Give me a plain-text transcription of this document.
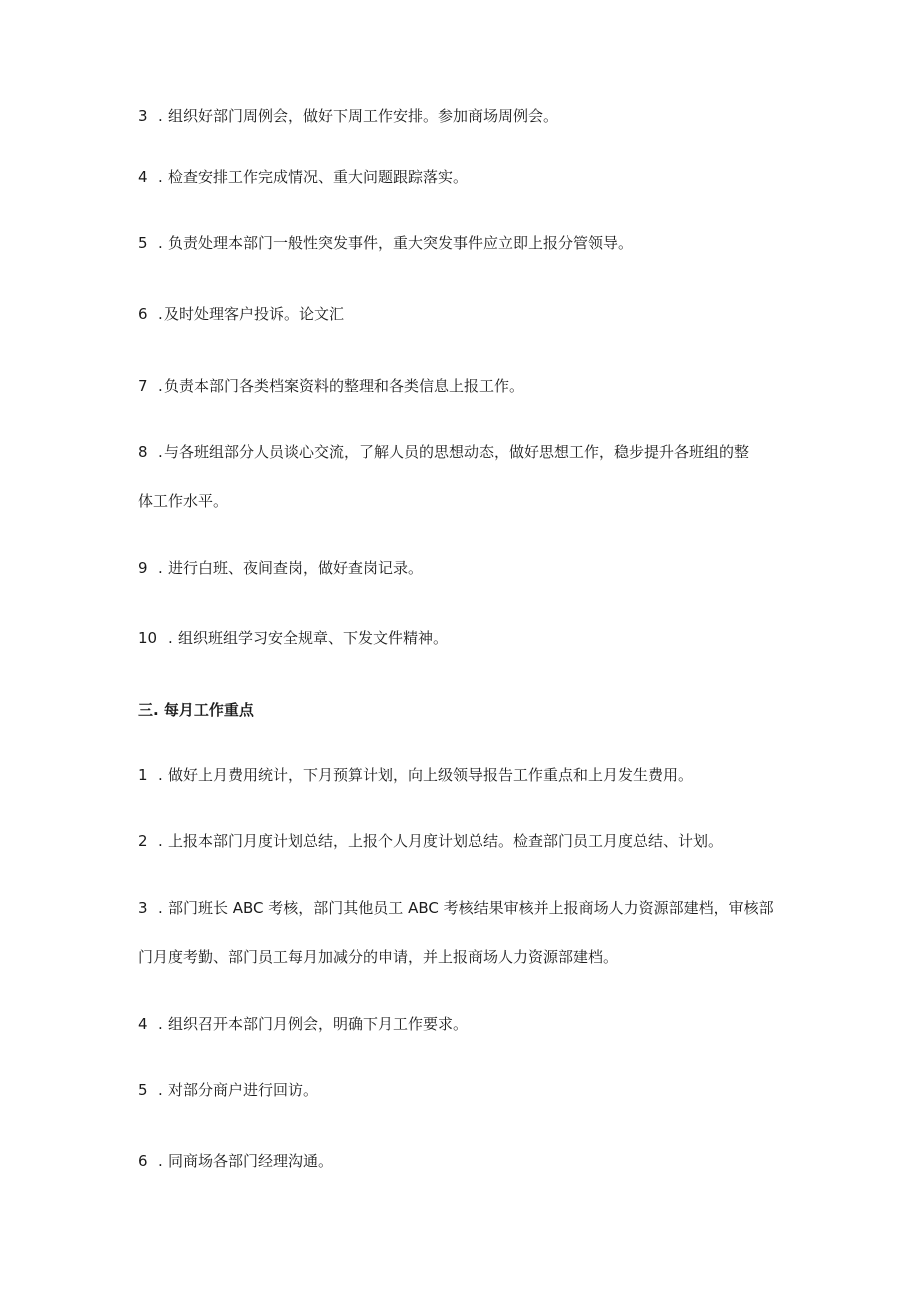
3 . 组织好部门周例会，做好下周工作安排。参加商场周例会。
4 . 检查安排工作完成情况、重大问题跟踪落实。
5 . 负责处理本部门一般性突发事件，重大突发事件应立即上报分管领导。
6 .及时处理客户投诉。论文汇
7 .负责本部门各类档案资料的整理和各类信息上报工作。
8 .与各班组部分人员谈心交流，了解人员的思想动态，做好思想工作，稳步提升各班组的整
体工作水平。
9 . 进行白班、夜间查岗，做好查岗记录。
10 . 组织班组学习安全规章、下发文件精神。
三. 每月工作重点
1 . 做好上月费用统计，下月预算计划，向上级领导报告工作重点和上月发生费用。
2 . 上报本部门月度计划总结，上报个人月度计划总结。检查部门员工月度总结、计划。
3 . 部门班长 ABC 考核，部门其他员工 ABC 考核结果审核并上报商场人力资源部建档，审核部
门月度考勤、部门员工每月加减分的申请，并上报商场人力资源部建档。
4 . 组织召开本部门月例会，明确下月工作要求。
5 . 对部分商户进行回访。
6 . 同商场各部门经理沟通。
